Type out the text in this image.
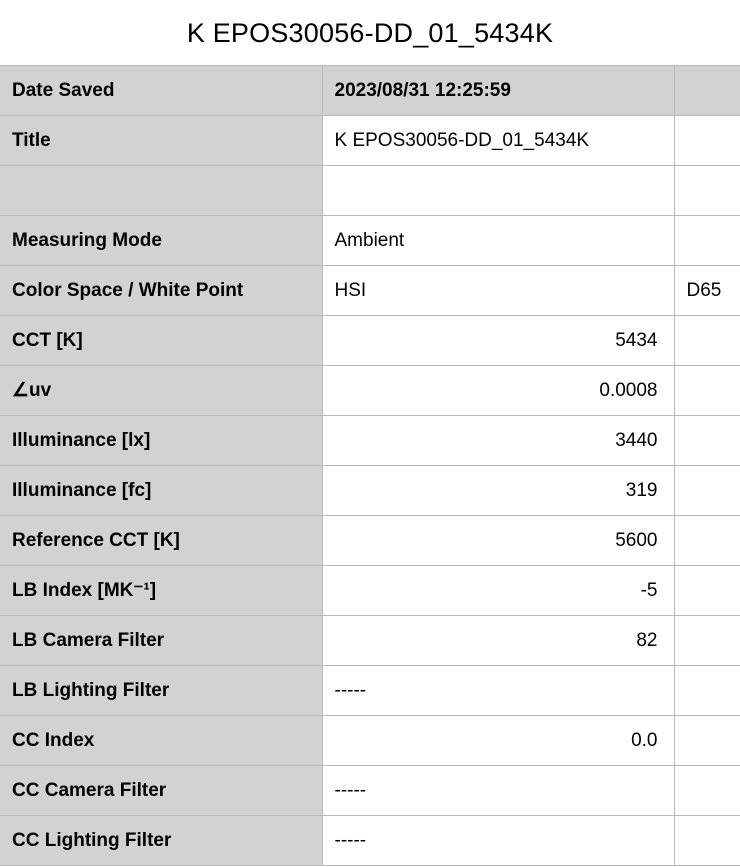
K EPOS30056-DD_01_5434K
Date Saved	2023/08/31 12:25:59	
Title	K EPOS30056-DD_01_5434K	

Measuring Mode	Ambient	
Color Space / White Point	HSI	D65
CCT [K]	5434	
∠uv	0.0008	
Illuminance [lx]	3440	
Illuminance [fc]	319	
Reference CCT [K]	5600	
LB Index [MK⁻¹]	-5	
LB Camera Filter	82	
LB Lighting Filter	-----	
CC Index	0.0	
CC Camera Filter	-----	
CC Lighting Filter	-----	
